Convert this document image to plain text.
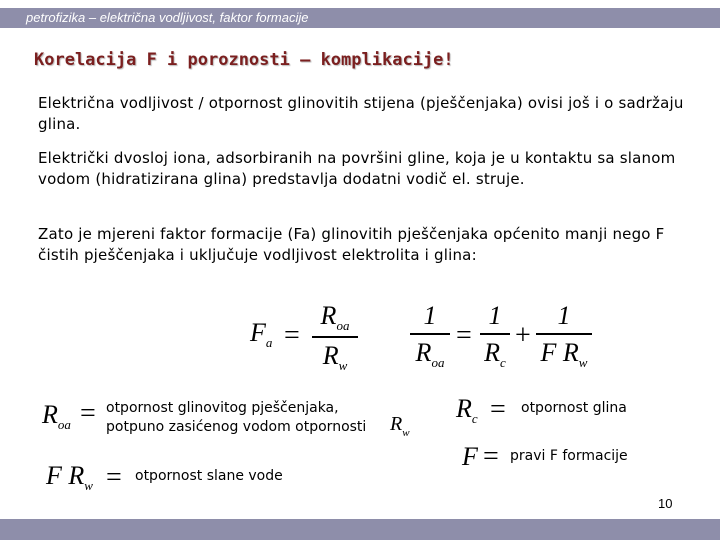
petrofizika – električna vodljivost, faktor formacije
Korelacija F i poroznosti – komplikacije!

Električna vodljivost / otpornost glinovitih stijena (pješčenjaka) ovisi još i o sadržaju glina.

Električki dvosloj iona, adsorbiranih na površini gline, koja je u kontaktu sa slanom vodom (hidratizirana glina) predstavlja dodatni vodič el. struje.

Zato je mjereni faktor formacije (Fa) glinovitih pješčenjaka općenito manji nego F čistih pješčenjaka i uključuje vodljivost elektrolita i glina:

$F_a$ =
$R_{oa}$
$R_w$
1
$R_{oa}$
=
1
$R_c$
+
1
F $R_w$
$R_{oa}$ = otpornost glinovitog pješčenjaka,
potpuno zasićenog vodom otpornosti $R_w$
$R_c$ = otpornost glina
F = pravi F formacije
F $R_w$ = otpornost slane vode
10
